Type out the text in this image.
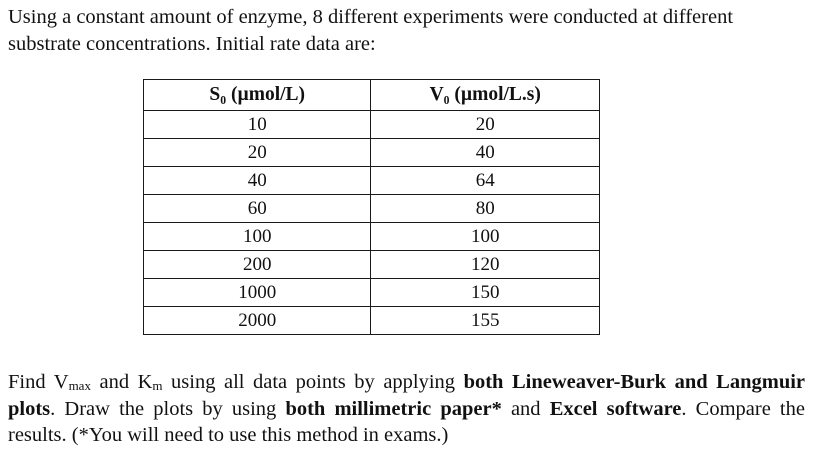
Using a constant amount of enzyme, 8 different experiments were conducted at different substrate concentrations. Initial rate data are:

S₀ (µmol/L)	V₀ (µmol/L.s)
10	20
20	40
40	64
60	80
100	100
200	120
1000	150
2000	155

Find $V_{max}$ and $K_m$ using all data points by applying both Lineweaver-Burk and Langmuir plots. Draw the plots by using both millimetric paper* and Excel software. Compare the results. (*You will need to use this method in exams.)
